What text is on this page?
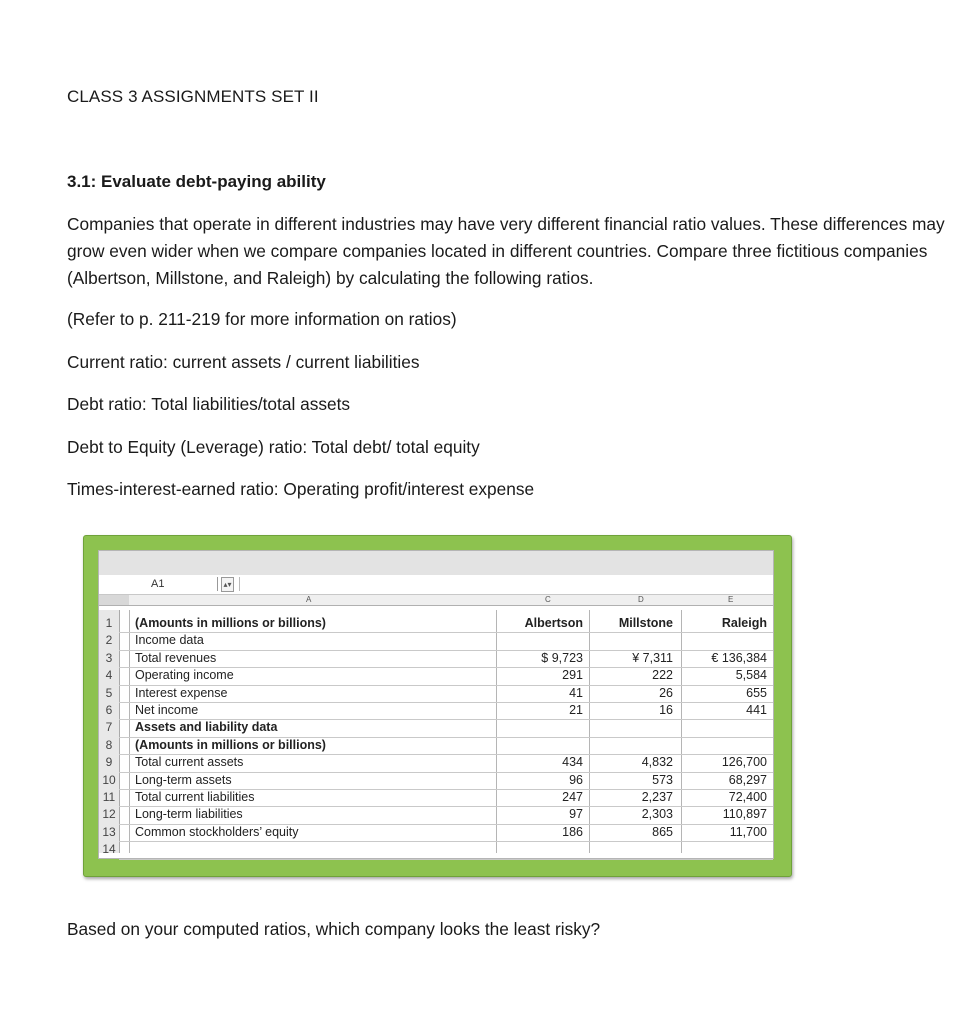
CLASS 3 ASSIGNMENTS SET II
3.1: Evaluate debt-paying ability
Companies that operate in different industries may have very different financial ratio values. These differences may grow even wider when we compare companies located in different countries. Compare three fictitious companies (Albertson, Millstone, and Raleigh) by calculating the following ratios.
(Refer to p. 211-219 for more information on ratios)
Current ratio: current assets / current liabilities
Debt ratio: Total liabilities/total assets
Debt to Equity (Leverage) ratio: Total debt/ total equity
Times-interest-earned ratio: Operating profit/interest expense
A1	▴▾
A	C	D	E
1	(Amounts in millions or billions)	Albertson	Millstone	Raleigh
2	Income data
3	Total revenues	$ 9,723	¥ 7,311	€ 136,384
4	Operating income	291	222	5,584
5	Interest expense	41	26	655
6	Net income	21	16	441
7	Assets and liability data
8	(Amounts in millions or billions)
9	Total current assets	434	4,832	126,700
10 Long-term assets	96	573	68,297
11	Total current liabilities	247	2,237	72,400
12 Long-term liabilities	97	2,303	110,897
13 Common stockholders’ equity	186	865	11,700
14
Based on your computed ratios, which company looks the least risky?
